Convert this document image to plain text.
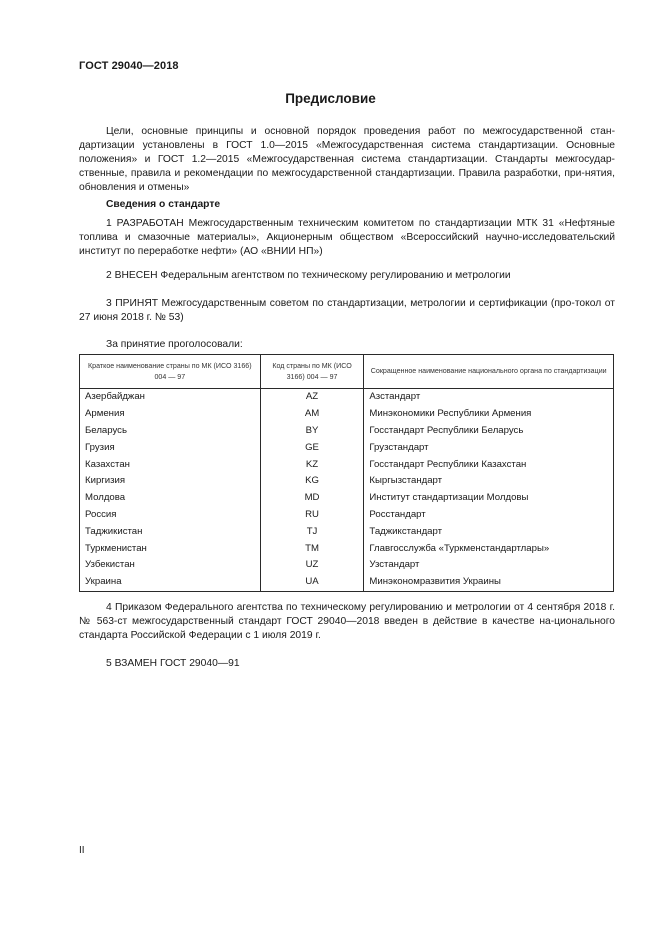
ГОСТ 29040—2018
Предисловие
Цели, основные принципы и основной порядок проведения работ по межгосударственной стан-дартизации установлены в ГОСТ 1.0—2015 «Межгосударственная система стандартизации. Основные положения» и ГОСТ 1.2—2015 «Межгосударственная система стандартизации. Стандарты межгосудар-ственные, правила и рекомендации по межгосударственной стандартизации. Правила разработки, при-нятия, обновления и отмены»
Сведения о стандарте
1 РАЗРАБОТАН Межгосударственным техническим комитетом по стандартизации МТК 31 «Нефтяные топлива и смазочные материалы», Акционерным обществом «Всероссийский научно-исследовательский институт по переработке нефти» (АО «ВНИИ НП»)
2 ВНЕСЕН Федеральным агентством по техническому регулированию и метрологии
3 ПРИНЯТ Межгосударственным советом по стандартизации, метрологии и сертификации (про-токол от 27 июня 2018 г. № 53)
За принятие проголосовали:
Краткое наименование страны по МК (ИСО 3166) 004 — 97	Код страны по МК (ИСО 3166) 004 — 97	Сокращенное наименование национального органа по стандартизации
Азербайджан	AZ	Азстандарт
Армения	AM	Минэкономики Республики Армения
Беларусь	BY	Госстандарт Республики Беларусь
Грузия	GE	Грузстандарт
Казахстан	KZ	Госстандарт Республики Казахстан
Киргизия	KG	Кыргызстандарт
Молдова	MD	Институт стандартизации Молдовы
Россия	RU	Росстандарт
Таджикистан	TJ	Таджикстандарт
Туркменистан	TM	Главгосслужба «Туркменстандартлары»
Узбекистан	UZ	Узстандарт
Украина	UA	Минэкономразвития Украины
4 Приказом Федерального агентства по техническому регулированию и метрологии от 4 сентября 2018 г. № 563-ст межгосударственный стандарт ГОСТ 29040—2018 введен в действие в качестве на-ционального стандарта Российской Федерации с 1 июля 2019 г.
5 ВЗАМЕН ГОСТ 29040—91
II
